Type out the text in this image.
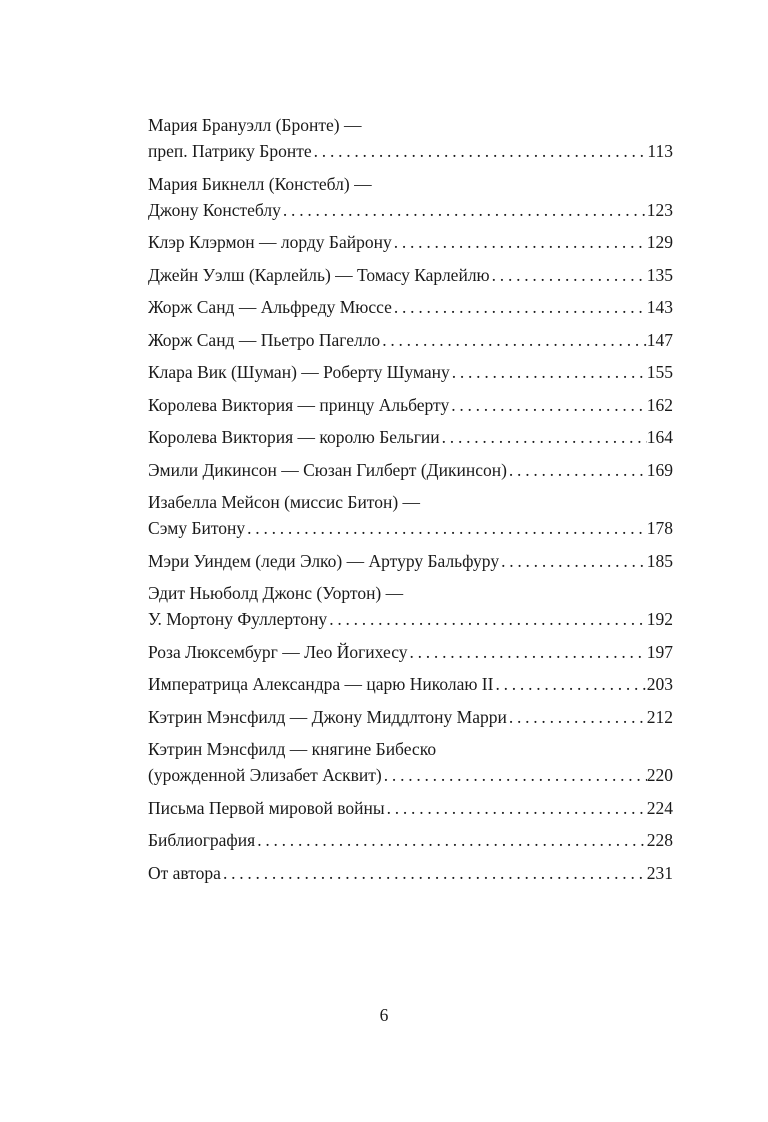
Мария Брануэлл (Бронте) —
преп. Патрику Бронте . . .	113
Мария Бикнелл (Констебл) —
Джону Констеблу . . .	123
Клэр Клэрмон — лорду Байрону . . .	129
Джейн Уэлш (Карлейль) — Томасу Карлейлю . . .	135
Жорж Санд — Альфреду Мюссе . . .	143
Жорж Санд — Пьетро Пагелло . . .	147
Клара Вик (Шуман) — Роберту Шуману . . .	155
Королева Виктория — принцу Альберту . . .	162
Королева Виктория — королю Бельгии . . .	164
Эмили Дикинсон — Сюзан Гилберт (Дикинсон) . . .	169
Изабелла Мейсон (миссис Битон) —
Сэму Битону . . .	178
Мэри Уиндем (леди Элко) — Артуру Бальфуру . . .	185
Эдит Ньюболд Джонс (Уортон) —
У. Мортону Фуллертону . . .	192
Роза Люксембург — Лео Йогихесу . . .	197
Императрица Александра — царю Николаю II . . .	203
Кэтрин Мэнсфилд — Джону Миддлтону Марри . . .	212
Кэтрин Мэнсфилд — княгине Бибеско
(урожденной Элизабет Асквит) . . .	220
Письма Первой мировой войны . . .	224
Библиография . . .	228
От автора . . .	231
6
